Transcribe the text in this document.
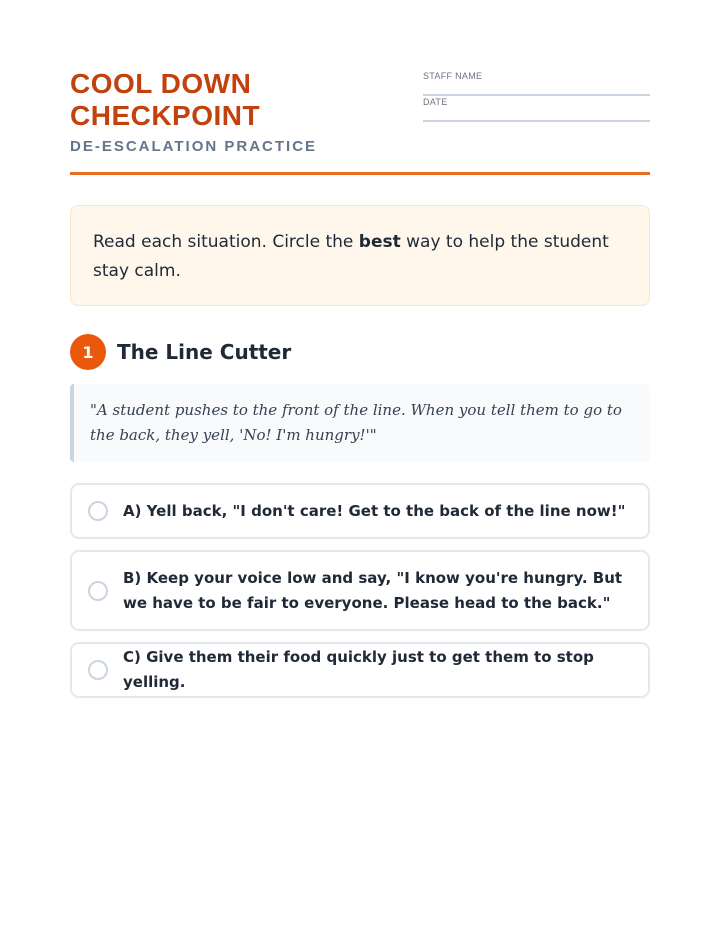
COOL DOWN
CHECKPOINT
DE-ESCALATION PRACTICE
STAFF NAME
DATE
Read each situation. Circle the best way to help the student stay calm.
1	The Line Cutter
"A student pushes to the front of the line. When you tell them to go to the back, they yell, 'No! I'm hungry!'"
A) Yell back, "I don't care! Get to the back of the line now!"
B) Keep your voice low and say, "I know you're hungry. But we have to be fair to everyone. Please head to the back."
C) Give them their food quickly just to get them to stop yelling.
